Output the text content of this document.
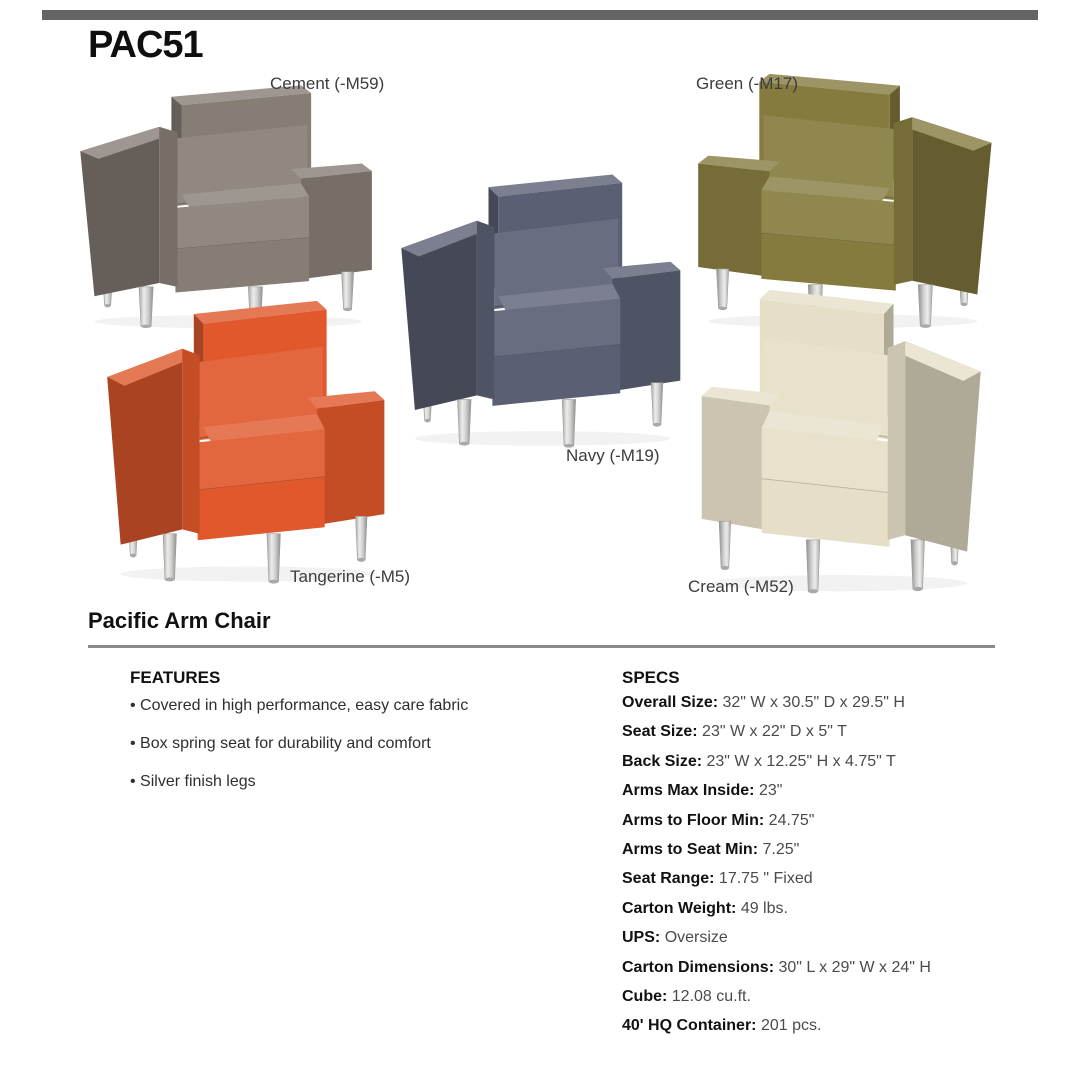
PAC51
Cement (-M59)	Green (-M17)
Navy (-M19)
Tangerine (-M5)
Cream (-M52)
Pacific Arm Chair
FEATURES
• Covered in high performance, easy care fabric
• Box spring seat for durability and comfort
• Silver finish legs
SPECS
Overall Size: 32" W x 30.5" D x 29.5" H
Seat Size: 23" W x 22" D x 5" T
Back Size: 23" W x 12.25" H x 4.75" T
Arms Max Inside: 23"
Arms to Floor Min: 24.75"
Arms to Seat Min: 7.25"
Seat Range: 17.75 " Fixed
Carton Weight: 49 lbs.
UPS: Oversize
Carton Dimensions: 30" L x 29" W x 24" H
Cube: 12.08 cu.ft.
40' HQ Container: 201 pcs.
